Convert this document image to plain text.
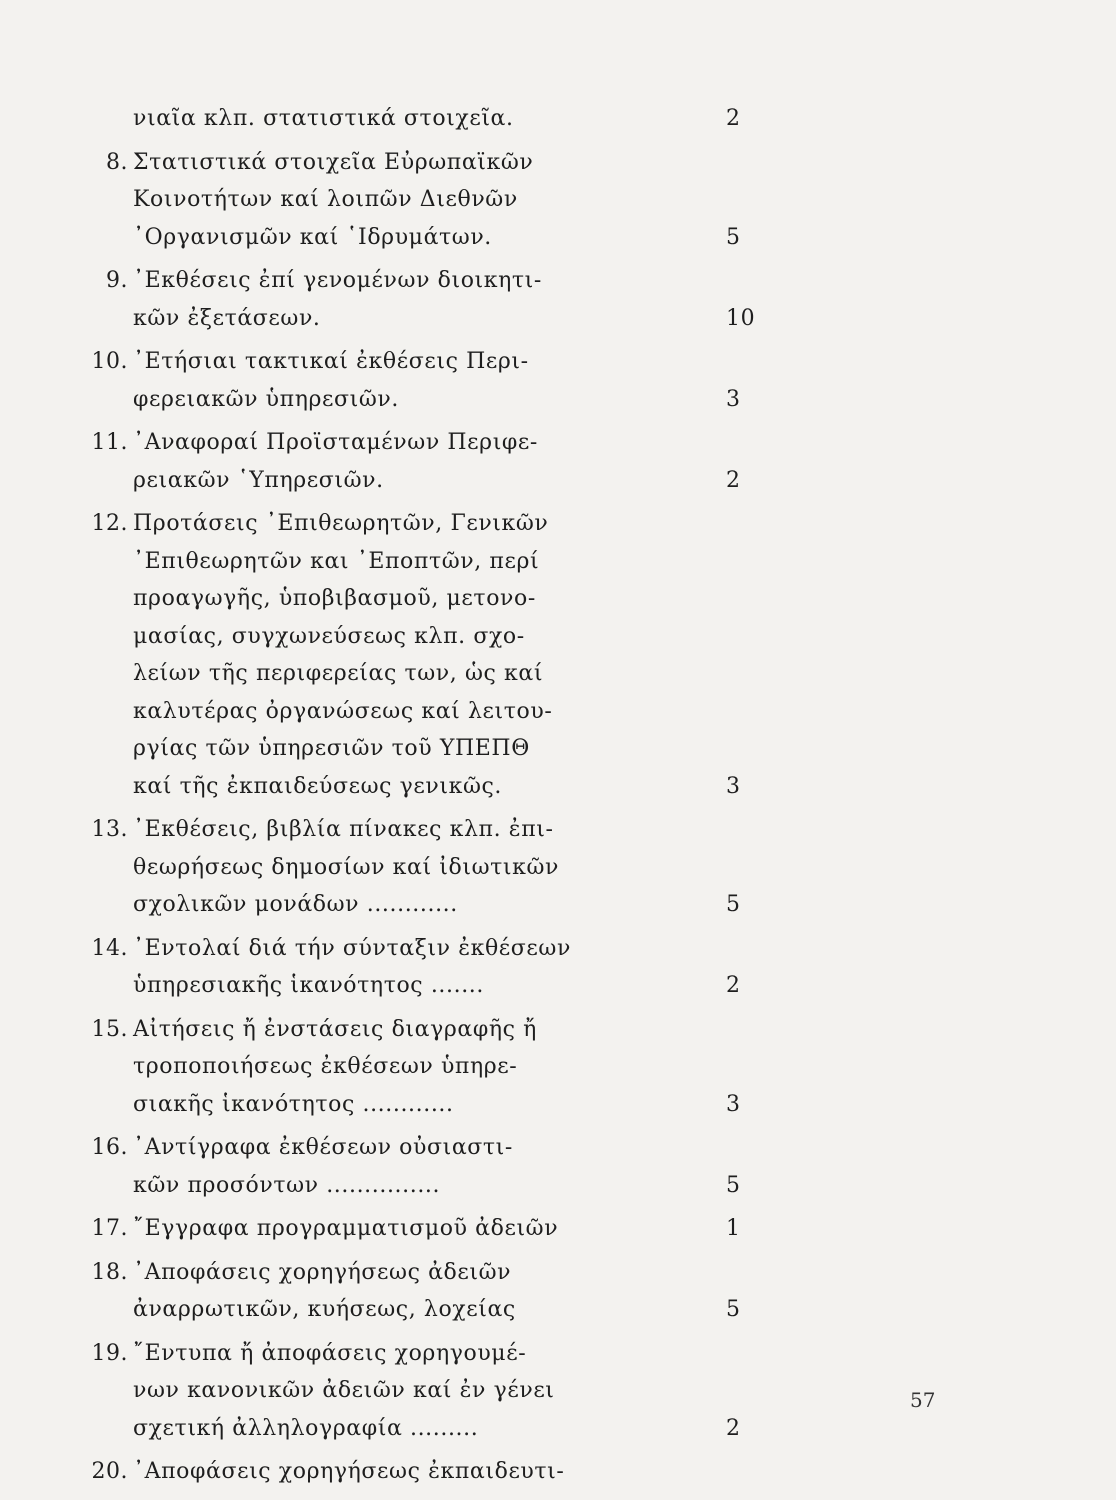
νιαῖα κλπ. στατιστικά στοιχεῖα.	2
8. Στατιστικά στοιχεῖα Εὐρωπαϊκῶν
Κοινοτήτων καί λοιπῶν Διεθνῶν
᾿Οργανισμῶν καί ῾Ιδρυμάτων.	5
9. ᾿Εκθέσεις ἐπί γενομένων διοικητι-
κῶν ἐξετάσεων.	10
10. ᾿Ετήσιαι τακτικαί ἐκθέσεις Περι-
φερειακῶν ὑπηρεσιῶν.	3
11. ᾿Αναφοραί Προϊσταμένων Περιφε-
ρειακῶν ῾Υπηρεσιῶν.	2
12. Προτάσεις ᾿Επιθεωρητῶν, Γενικῶν
᾿Επιθεωρητῶν και ᾿Εποπτῶν, περί
προαγωγῆς, ὑποβιβασμοῦ, μετονο-
μασίας, συγχωνεύσεως κλπ. σχο-
λείων τῆς περιφερείας των, ὡς καί
καλυτέρας ὀργανώσεως καί λειτου-
ργίας τῶν ὑπηρεσιῶν τοῦ ΥΠΕΠΘ
καί τῆς ἐκπαιδεύσεως γενικῶς.	3
13. ᾿Εκθέσεις, βιβλία πίνακες κλπ. ἐπι-
θεωρήσεως δημοσίων καί ἰδιωτικῶν
σχολικῶν μονάδων ............	5
14. ᾿Εντολαί διά τήν σύνταξιν ἐκθέσεων
ὑπηρεσιακῆς ἱκανότητος .......	2
15. Αἰτήσεις ἤ ἐνστάσεις διαγραφῆς ἤ
τροποποιήσεως ἐκθέσεων ὑπηρε-
σιακῆς ἱκανότητος ............	3
16. ᾿Αντίγραφα ἐκθέσεων οὐσιαστι-
κῶν προσόντων ...............	5
17. ῎Εγγραφα προγραμματισμοῦ ἀδειῶν	1
18. ᾿Αποφάσεις χορηγήσεως ἀδειῶν
ἀναρρωτικῶν, κυήσεως, λοχείας	5
19. ῎Εντυπα ἤ ἀποφάσεις χορηγουμέ-
νων κανονικῶν ἀδειῶν καί ἐν γένει
σχετική ἀλληλογραφία .........	2
20. ᾿Αποφάσεις χορηγήσεως ἐκπαιδευτι-
57
